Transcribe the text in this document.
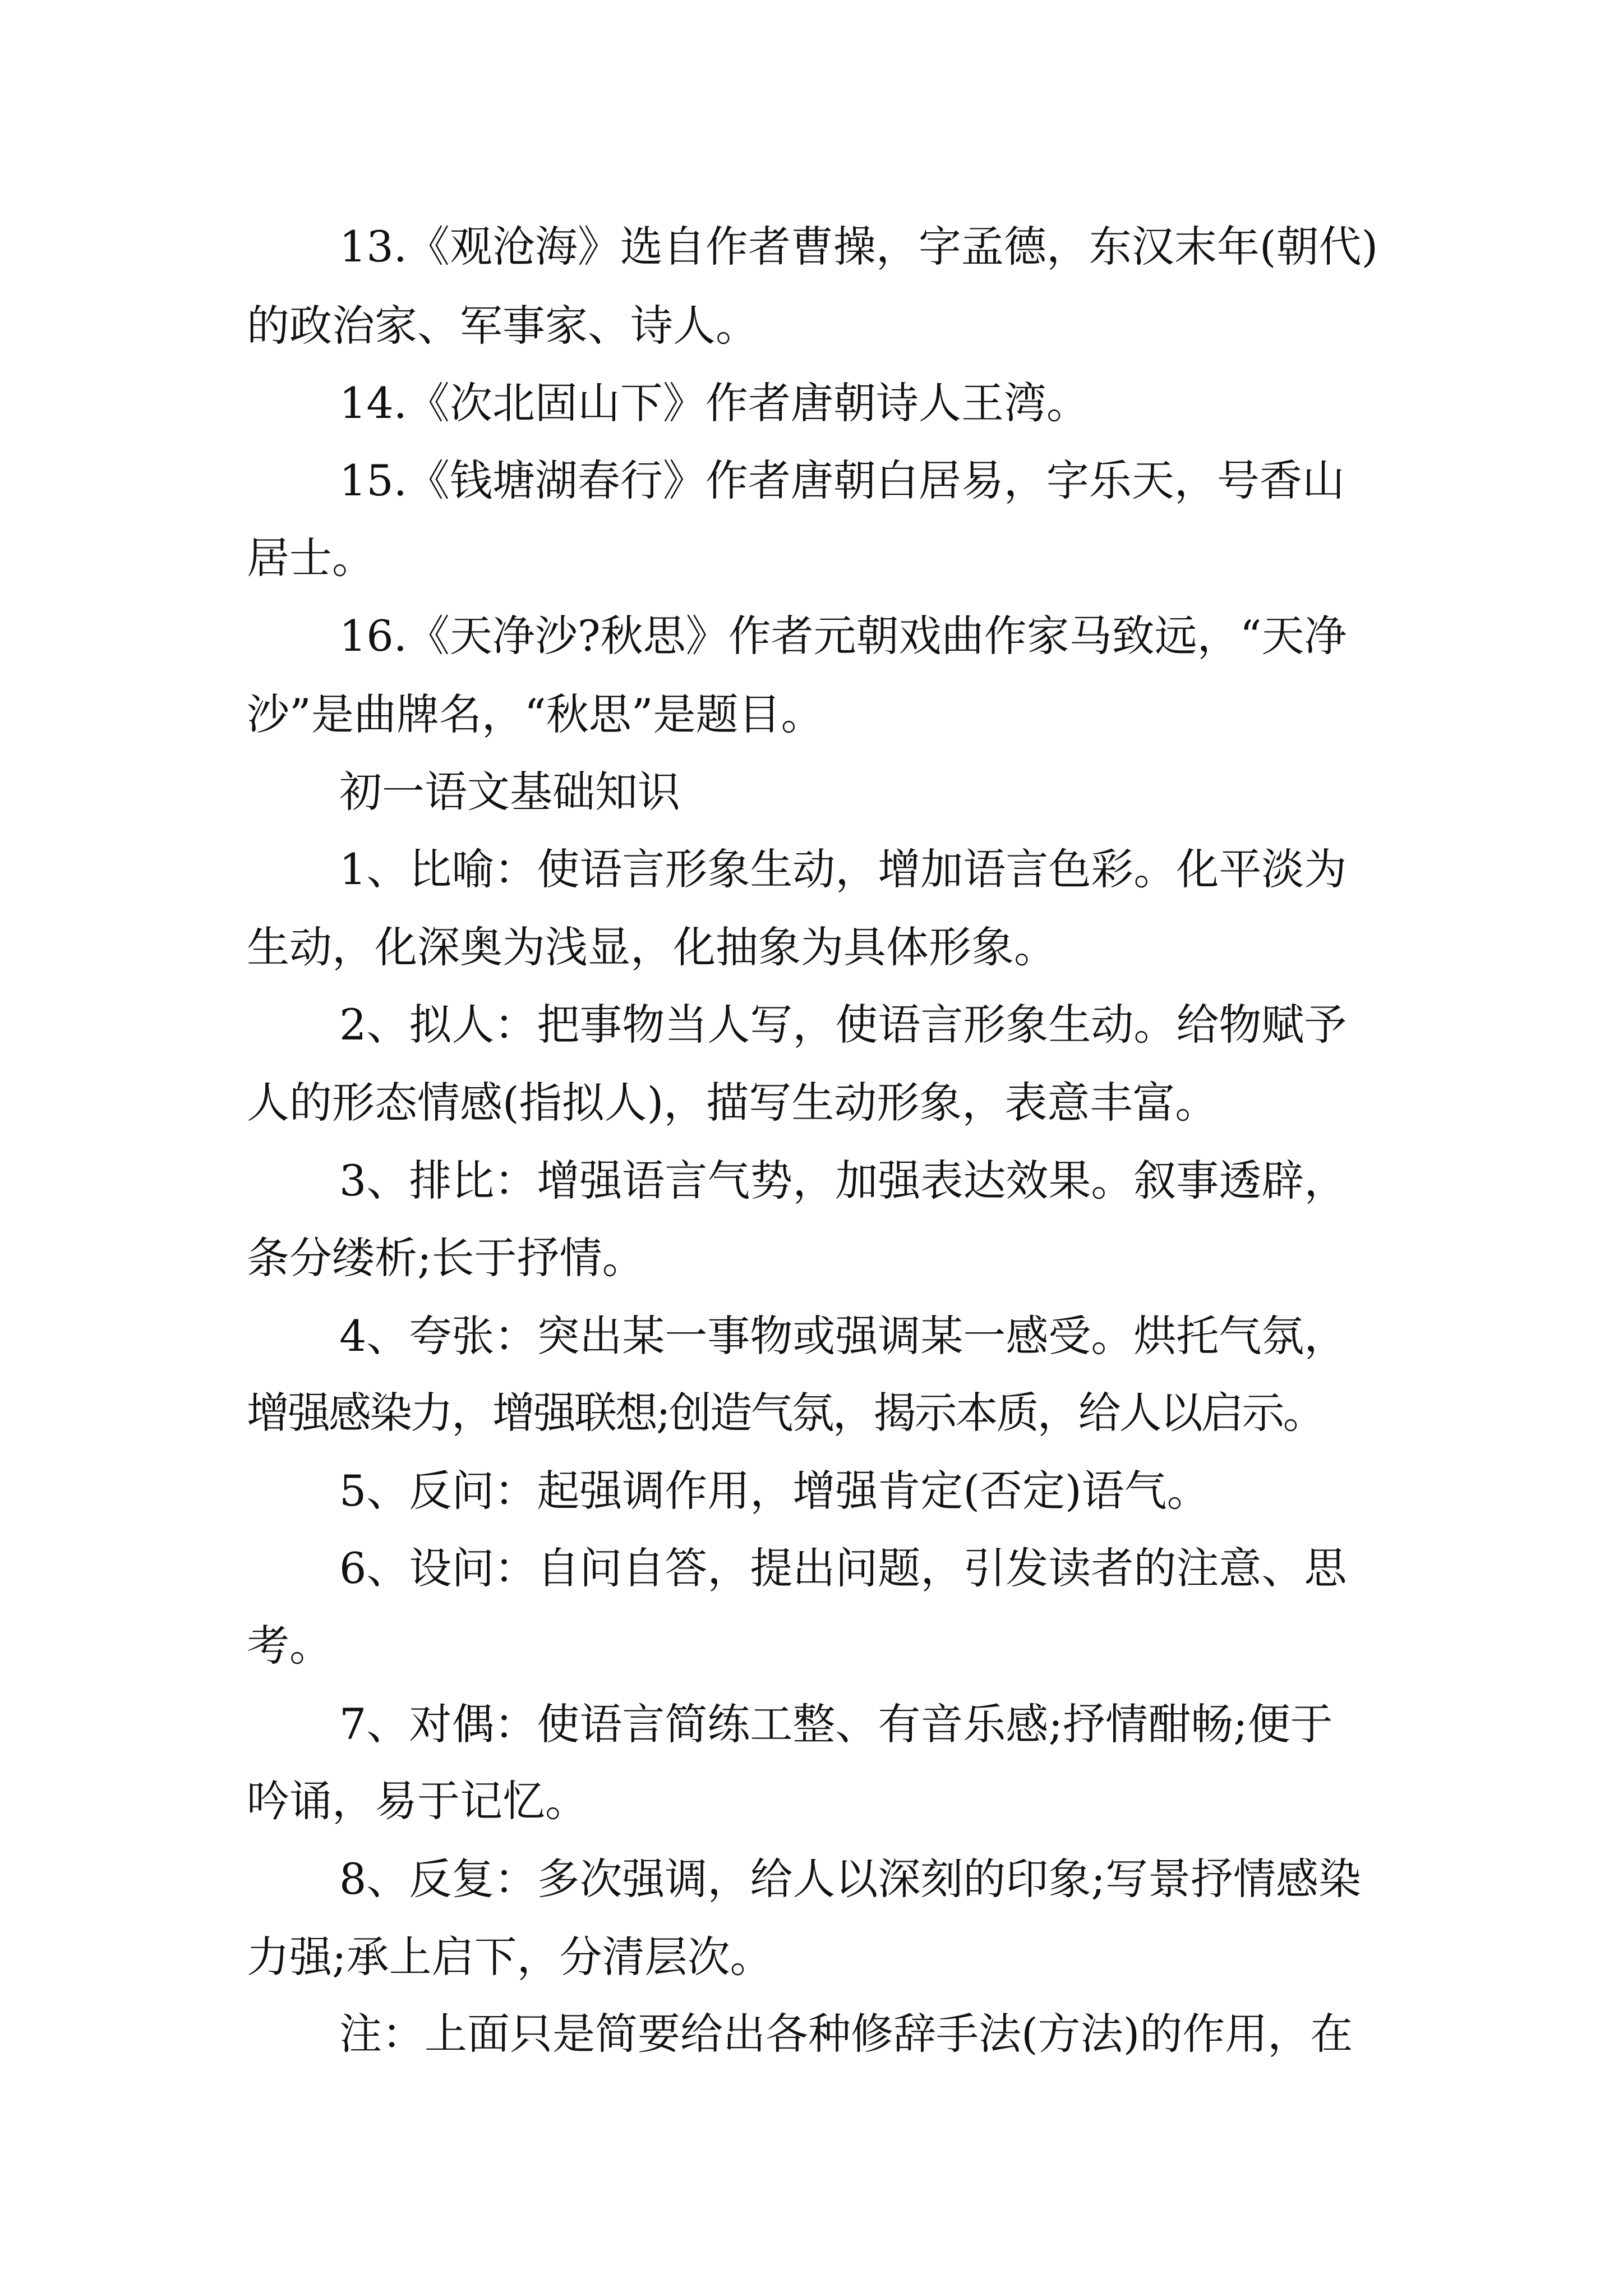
13.《观沧海》选自作者曹操，字孟德，东汉末年(朝代)

的政治家、军事家、诗人。

14.《次北固山下》作者唐朝诗人王湾。

15.《钱塘湖春行》作者唐朝白居易，字乐天，号香山

居士。

16.《天净沙?秋思》作者元朝戏曲作家马致远，“天净

沙”是曲牌名，“秋思”是题目。

初一语文基础知识

1、比喻：使语言形象生动，增加语言色彩。化平淡为

生动，化深奥为浅显，化抽象为具体形象。

2、拟人：把事物当人写，使语言形象生动。给物赋予

人的形态情感(指拟人)，描写生动形象，表意丰富。

3、排比：增强语言气势，加强表达效果。叙事透辟，

条分缕析;长于抒情。

4、夸张：突出某一事物或强调某一感受。烘托气氛，

增强感染力，增强联想;创造气氛，揭示本质，给人以启示。

5、反问：起强调作用，增强肯定(否定)语气。

6、设问：自问自答，提出问题，引发读者的注意、思

考。

7、对偶：使语言简练工整、有音乐感;抒情酣畅;便于

吟诵，易于记忆。

8、反复：多次强调，给人以深刻的印象;写景抒情感染

力强;承上启下，分清层次。

注：上面只是简要给出各种修辞手法(方法)的作用，在
